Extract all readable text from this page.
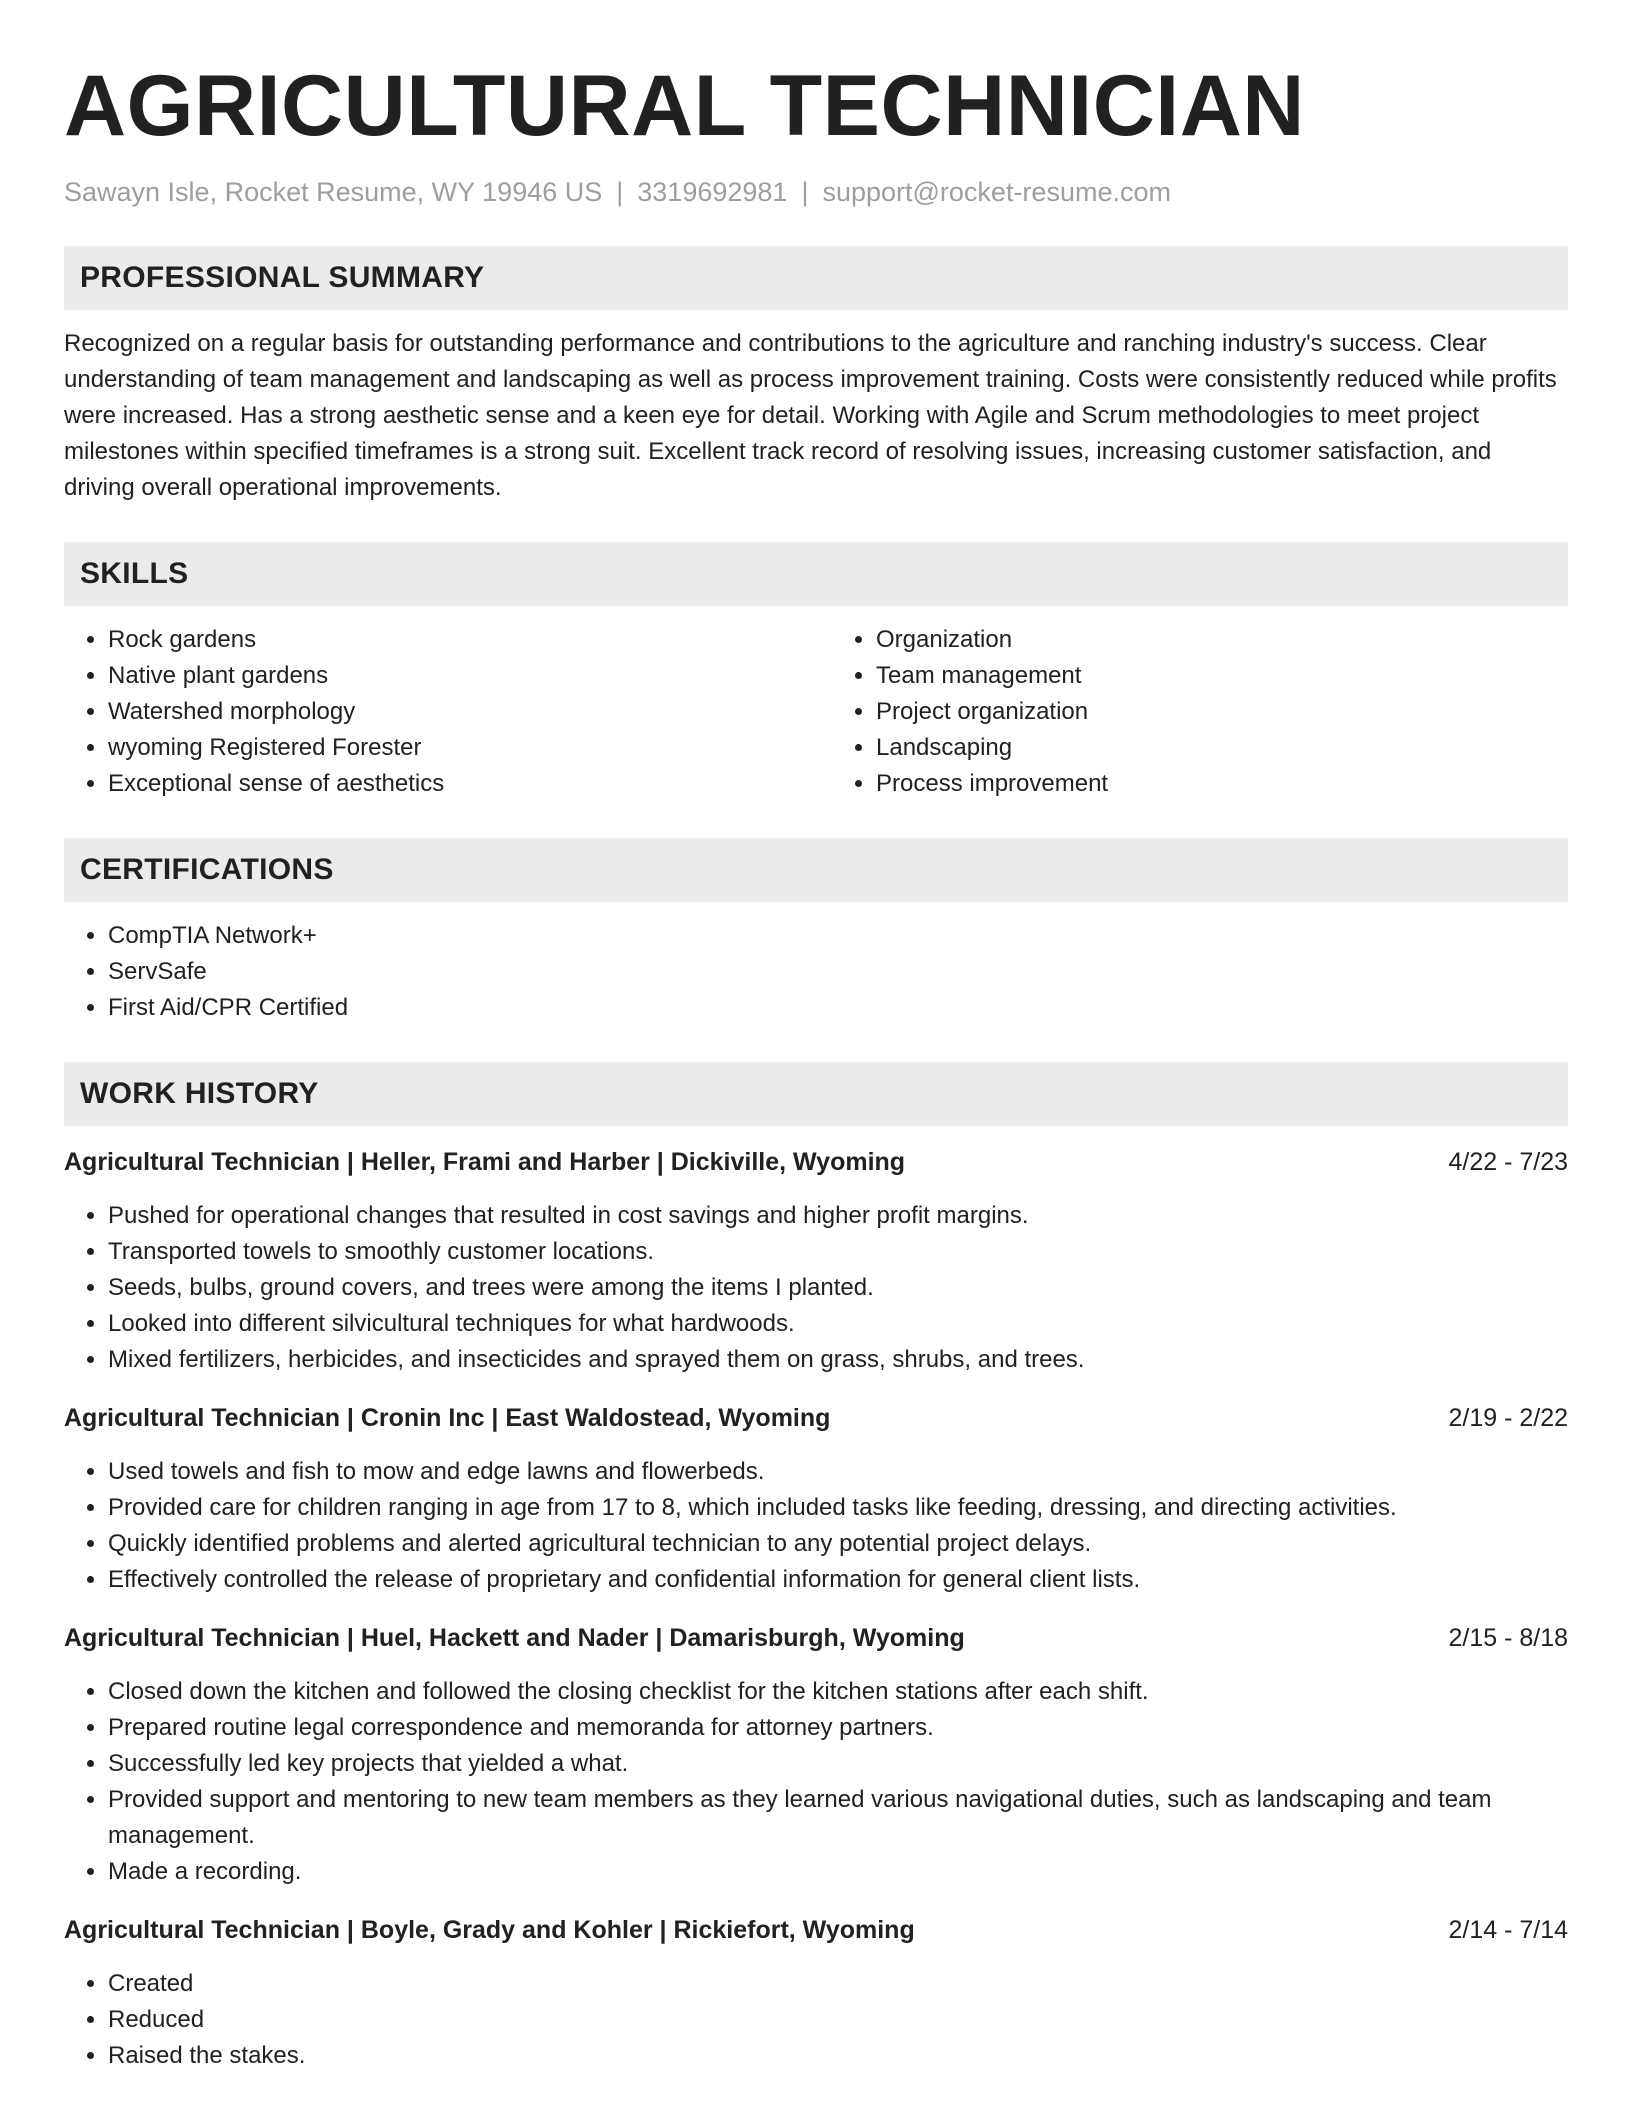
AGRICULTURAL TECHNICIAN
Sawayn Isle, Rocket Resume, WY 19946 US | 3319692981 | support@rocket-resume.com
PROFESSIONAL SUMMARY
Recognized on a regular basis for outstanding performance and contributions to the agriculture and ranching industry's success. Clear understanding of team management and landscaping as well as process improvement training. Costs were consistently reduced while profits were increased. Has a strong aesthetic sense and a keen eye for detail. Working with Agile and Scrum methodologies to meet project milestones within specified timeframes is a strong suit. Excellent track record of resolving issues, increasing customer satisfaction, and driving overall operational improvements.
SKILLS
• Rock gardens
• Native plant gardens
• Watershed morphology
• wyoming Registered Forester
• Exceptional sense of aesthetics
• Organization
• Team management
• Project organization
• Landscaping
• Process improvement
CERTIFICATIONS
• CompTIA Network+
• ServSafe
• First Aid/CPR Certified
WORK HISTORY
Agricultural Technician | Heller, Frami and Harber | Dickiville, Wyoming	4/22 - 7/23
• Pushed for operational changes that resulted in cost savings and higher profit margins.
• Transported towels to smoothly customer locations.
• Seeds, bulbs, ground covers, and trees were among the items I planted.
• Looked into different silvicultural techniques for what hardwoods.
• Mixed fertilizers, herbicides, and insecticides and sprayed them on grass, shrubs, and trees.
Agricultural Technician | Cronin Inc | East Waldostead, Wyoming	2/19 - 2/22
• Used towels and fish to mow and edge lawns and flowerbeds.
• Provided care for children ranging in age from 17 to 8, which included tasks like feeding, dressing, and directing activities.
• Quickly identified problems and alerted agricultural technician to any potential project delays.
• Effectively controlled the release of proprietary and confidential information for general client lists.
Agricultural Technician | Huel, Hackett and Nader | Damarisburgh, Wyoming	2/15 - 8/18
• Closed down the kitchen and followed the closing checklist for the kitchen stations after each shift.
• Prepared routine legal correspondence and memoranda for attorney partners.
• Successfully led key projects that yielded a what.
• Provided support and mentoring to new team members as they learned various navigational duties, such as landscaping and team management.
• Made a recording.
Agricultural Technician | Boyle, Grady and Kohler | Rickiefort, Wyoming	2/14 - 7/14
• Created
• Reduced
• Raised the stakes.
